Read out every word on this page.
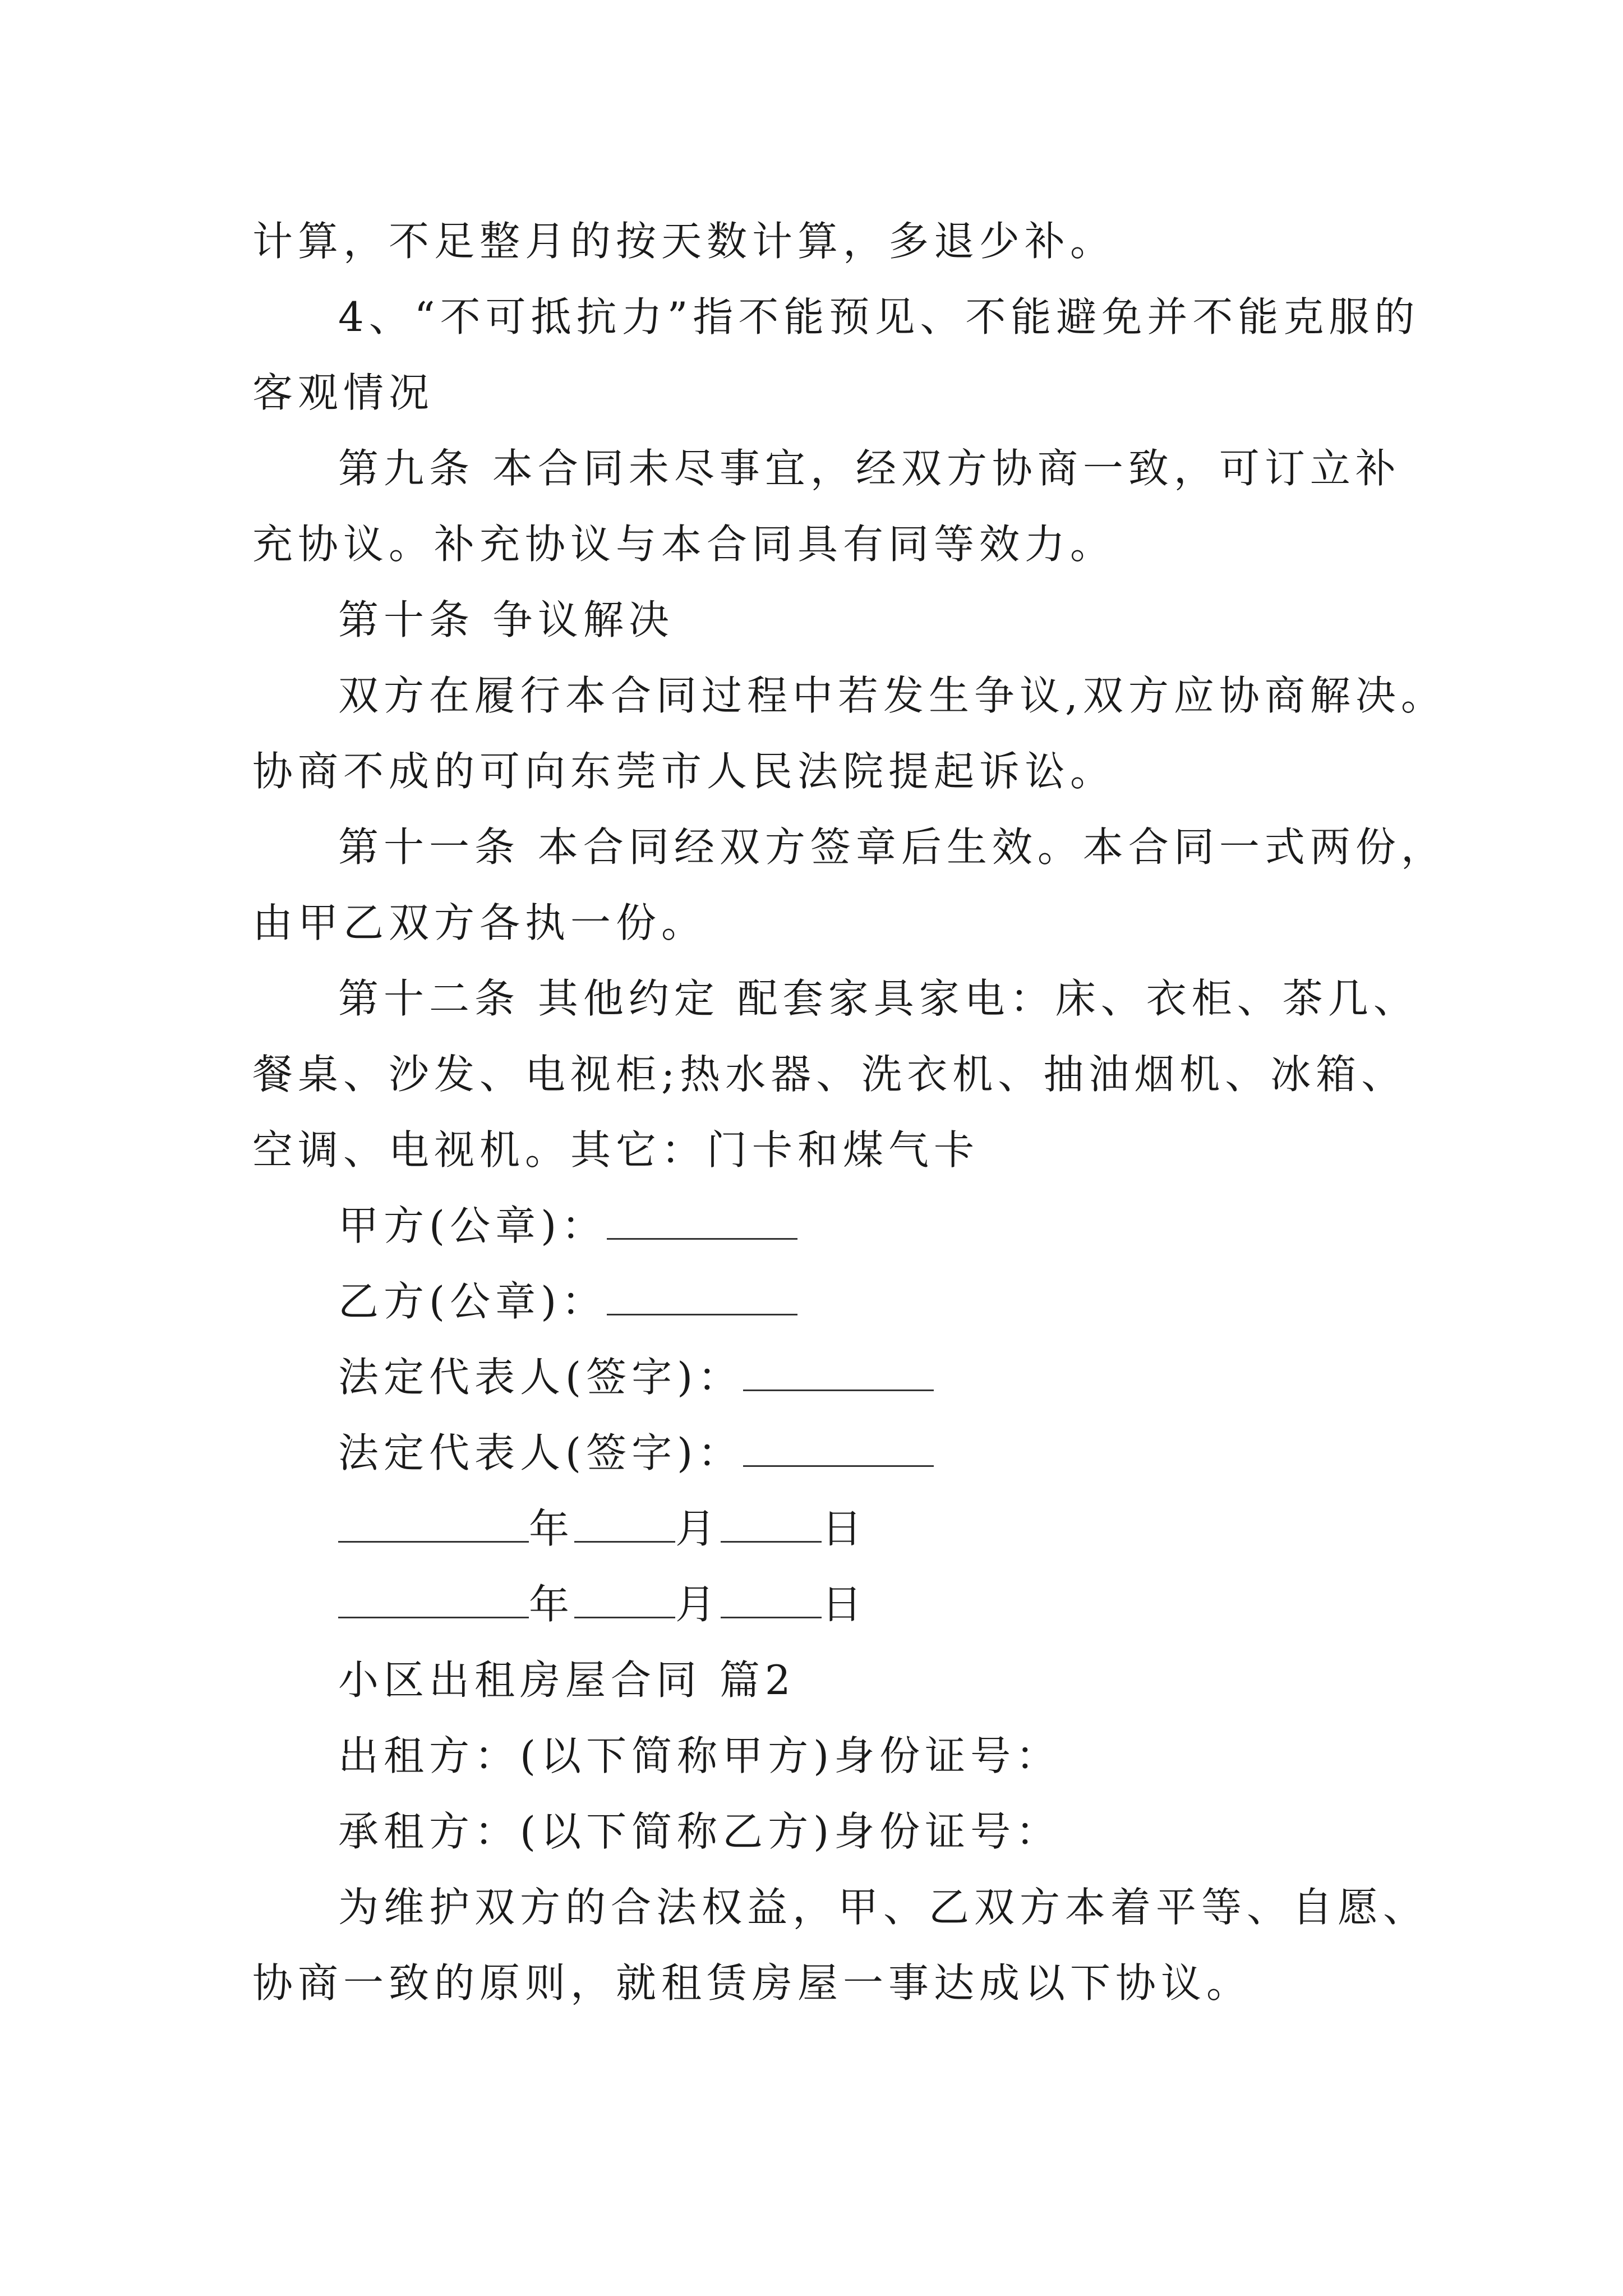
计算，不足整月的按天数计算，多退少补。
4、“不可抵抗力”指不能预见、不能避免并不能克服的
客观情况
第九条 本合同未尽事宜，经双方协商一致，可订立补
充协议。补充协议与本合同具有同等效力。
第十条 争议解决
双方在履行本合同过程中若发生争议,双方应协商解决。
协商不成的可向东莞市人民法院提起诉讼。
第十一条 本合同经双方签章后生效。本合同一式两份，
由甲乙双方各执一份。
第十二条 其他约定 配套家具家电：床、衣柜、茶几、
餐桌、沙发、电视柜;热水器、洗衣机、抽油烟机、冰箱、
空调、电视机。其它：门卡和煤气卡
甲方(公章)：
乙方(公章)：
法定代表人(签字)：
法定代表人(签字)：
年	月	日
年	月	日
小区出租房屋合同 篇2
出租方：(以下简称甲方)身份证号：
承租方：(以下简称乙方)身份证号：
为维护双方的合法权益，甲、乙双方本着平等、自愿、
协商一致的原则，就租赁房屋一事达成以下协议。
